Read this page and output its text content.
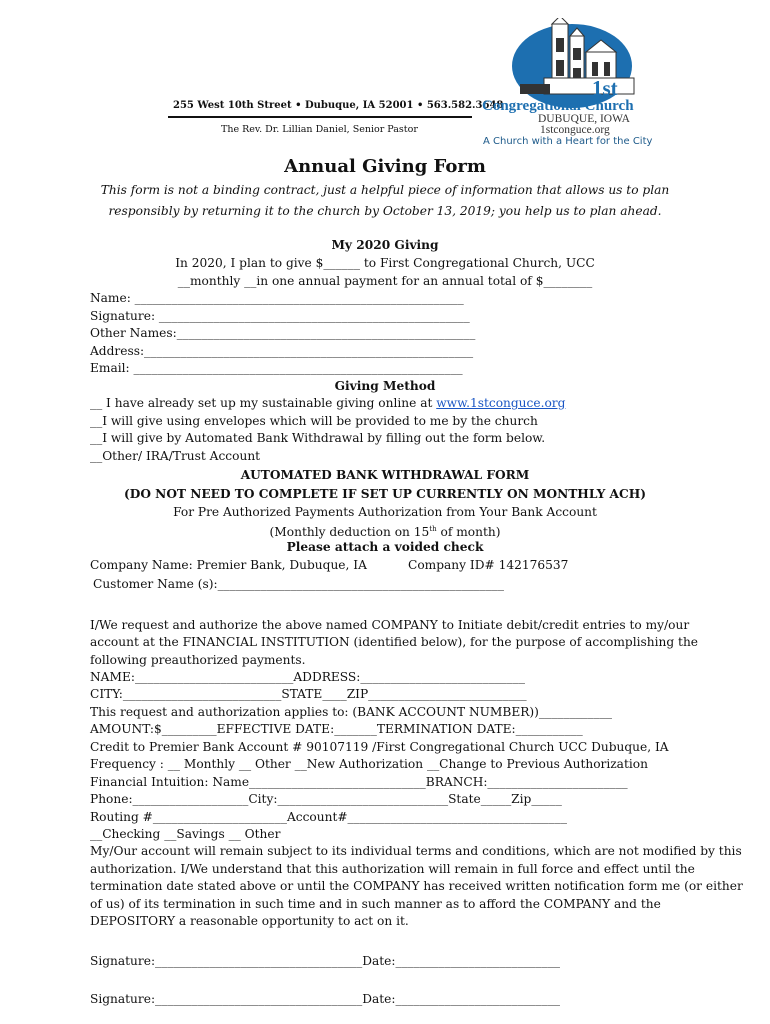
255 West 10th Street • Dubuque, IA 52001 • 563.582.3648
The Rev. Dr. Lillian Daniel, Senior Pastor
1st
Congregational Church
DUBUQUE, IOWA
1stconguce.org
A Church with a Heart for the City
Annual Giving Form
This form is not a binding contract, just a helpful piece of information that allows us to plan
responsibly by returning it to the church by October 13, 2019; you help us to plan ahead.
My 2020 Giving
In 2020, I plan to give $______ to First Congregational Church, UCC
__monthly __in one annual payment for an annual total of $________
Name: ______________________________________________________
Signature: ___________________________________________________
Other Names:_________________________________________________
Address:______________________________________________________
Email: ______________________________________________________
Giving Method
__ I have already set up my sustainable giving online at www.1stconguce.org
__I will give using envelopes which will be provided to me by the church
__I will give by Automated Bank Withdrawal by filling out the form below.
__Other/ IRA/Trust Account
AUTOMATED BANK WITHDRAWAL FORM
(DO NOT NEED TO COMPLETE IF SET UP CURRENTLY ON MONTHLY ACH)
For Pre Authorized Payments Authorization from Your Bank Account
(Monthly deduction on 15th of month)
Please attach a voided check
Company Name: Premier Bank, Dubuque, IA	Company ID# 142176537
Customer Name (s):_______________________________________________
I/We request and authorize the above named COMPANY to Initiate debit/credit entries to my/our
account at the FINANCIAL INSTITUTION (identified below), for the purpose of accomplishing the
following preauthorized payments.
NAME:__________________________ADDRESS:___________________________
CITY:__________________________STATE____ZIP__________________________
This request and authorization applies to: (BANK ACCOUNT NUMBER))____________
AMOUNT:$_________EFFECTIVE DATE:_______TERMINATION DATE:___________
Credit to Premier Bank Account # 90107119 /First Congregational Church UCC Dubuque, IA
Frequency : __ Monthly __ Other __New Authorization __Change to Previous Authorization
Financial Intuition: Name_____________________________BRANCH:_______________________
Phone:___________________City:____________________________State_____Zip_____
Routing #______________________Account#____________________________________
__Checking __Savings __ Other
My/Our account will remain subject to its individual terms and conditions, which are not modified by this
authorization. I/We understand that this authorization will remain in full force and effect until the
termination date stated above or until the COMPANY has received written notification form me (or either
of us) of its termination in such time and in such manner as to afford the COMPANY and the
DEPOSITORY a reasonable opportunity to act on it.
Signature:__________________________________Date:___________________________
Signature:__________________________________Date:___________________________
